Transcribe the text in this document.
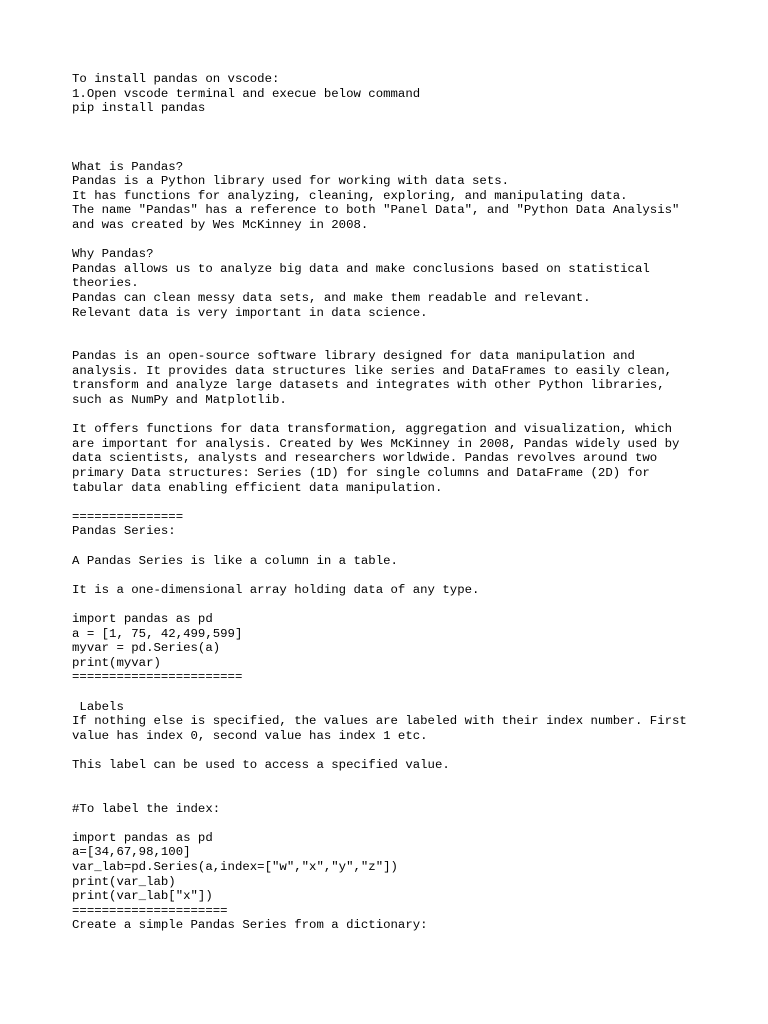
To install pandas on vscode:
1.Open vscode terminal and execue below command
pip install pandas
What is Pandas?
Pandas is a Python library used for working with data sets.
It has functions for analyzing, cleaning, exploring, and manipulating data.
The name "Pandas" has a reference to both "Panel Data", and "Python Data Analysis"
and was created by Wes McKinney in 2008.
Why Pandas?
Pandas allows us to analyze big data and make conclusions based on statistical
theories.
Pandas can clean messy data sets, and make them readable and relevant.
Relevant data is very important in data science.
Pandas is an open-source software library designed for data manipulation and
analysis. It provides data structures like series and DataFrames to easily clean,
transform and analyze large datasets and integrates with other Python libraries,
such as NumPy and Matplotlib.
It offers functions for data transformation, aggregation and visualization, which
are important for analysis. Created by Wes McKinney in 2008, Pandas widely used by
data scientists, analysts and researchers worldwide. Pandas revolves around two
primary Data structures: Series (1D) for single columns and DataFrame (2D) for
tabular data enabling efficient data manipulation.
===============
Pandas Series:
A Pandas Series is like a column in a table.
It is a one-dimensional array holding data of any type.
import pandas as pd
a = [1, 75, 42,499,599]
myvar = pd.Series(a)
print(myvar)
=======================
Labels
If nothing else is specified, the values are labeled with their index number. First
value has index 0, second value has index 1 etc.
This label can be used to access a specified value.
#To label the index:
import pandas as pd
a=[34,67,98,100]
var_lab=pd.Series(a,index=["w","x","y","z"])
print(var_lab)
print(var_lab["x"])
=====================
Create a simple Pandas Series from a dictionary:
